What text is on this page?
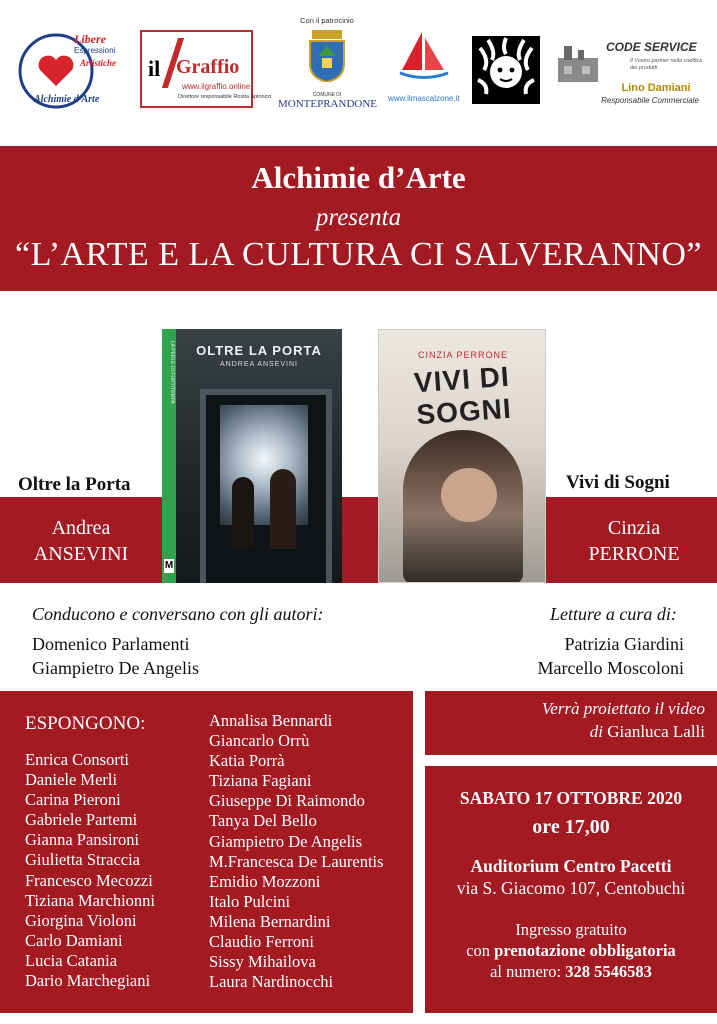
Libere
Espressioni
Artistiche
Alchimie d'Arte
il Graffio
www.ilgraffio.online
Direttore responsabile Rosita Spinozzi
Con il patrocinio
COMUNE DI
MONTEPRANDONE www.ilmascalzone.it
CODE SERVICE
Il Vostro partner nella codifica dei prodotti
Lino Damiani
Responsabile Commerciale
Alchimie d’Arte
presenta
“L’ARTE E LA CULTURA CI SALVERANNO”
Oltre la Porta	Vivi di Sogni
Andrea
ANSEVINI
Cinzia
PERRONE
LA PERLE DI FURTITEMPA	OLTRE LA PORTA
ANDREA ANSEVINI
M
CINZIA PERRONE
VIVI DI SOGNI
Conducono e conversano con gli autori:
Domenico Parlamenti
Giampietro De Angelis
Letture a cura di:
Patrizia Giardini
Marcello Moscoloni
ESPONGONO:
Enrica Consorti
Daniele Merli
Carina Pieroni
Gabriele Partemi
Gianna Pansironi
Giulietta Straccia
Francesco Mecozzi
Tiziana Marchionni
Giorgina Violoni
Carlo Damiani
Lucia Catania
Dario Marchegiani
Annalisa Bennardi
Giancarlo Orrù
Katia Porrà
Tiziana Fagiani
Giuseppe Di Raimondo
Tanya Del Bello
Giampietro De Angelis
M.Francesca De Laurentis
Emidio Mozzoni
Italo Pulcini
Milena Bernardini
Claudio Ferroni
Sissy Mihailova
Laura Nardinocchi
Verrà proiettato il video
di Gianluca Lalli
SABATO 17 OTTOBRE 2020
ore 17,00
Auditorium Centro Pacetti
via S. Giacomo 107, Centobuchi
Ingresso gratuito
con prenotazione obbligatoria
al numero: 328 5546583
